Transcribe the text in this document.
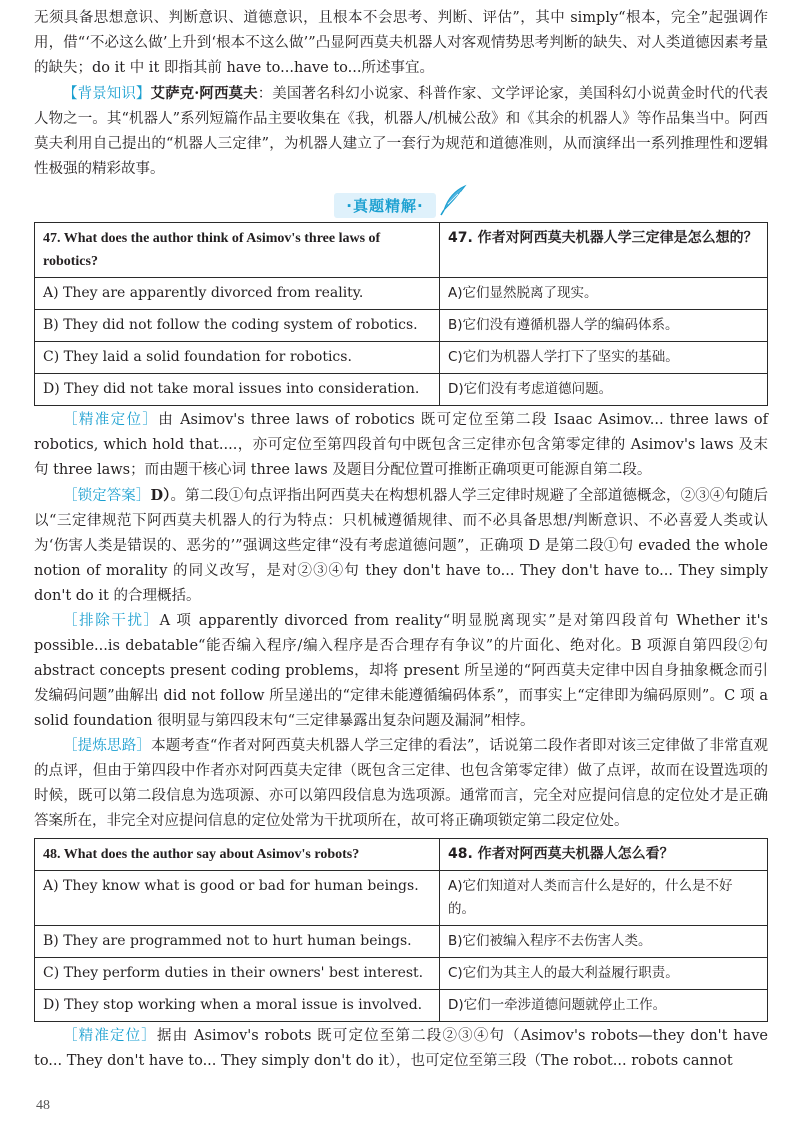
无须具备思想意识、判断意识、道德意识，且根本不会思考、判断、评估”，其中 simply“根本，完全”起强调作用，借“‘不必这么做’上升到‘根本不这么做’”凸显阿西莫夫机器人对客观情势思考判断的缺失、对人类道德因素考量的缺失；do it 中 it 即指其前 have to...have to...所述事宜。

【背景知识】艾萨克·阿西莫夫：美国著名科幻小说家、科普作家、文学评论家，美国科幻小说黄金时代的代表人物之一。其“机器人”系列短篇作品主要收集在《我，机器人/机械公敌》和《其余的机器人》等作品集当中。阿西莫夫利用自己提出的“机器人三定律”，为机器人建立了一套行为规范和道德准则，从而演绎出一系列推理性和逻辑性极强的精彩故事。

·真题精解·
47. What does the author think of Asimov's three laws of robotics?	47. 作者对阿西莫夫机器人学三定律是怎么想的？
A) They are apparently divorced from reality.	A)它们显然脱离了现实。
B) They did not follow the coding system of robotics.	B)它们没有遵循机器人学的编码体系。
C) They laid a solid foundation for robotics.	C)它们为机器人学打下了坚实的基础。
D) They did not take moral issues into consideration.	D)它们没有考虑道德问题。

［精准定位］由 Asimov's three laws of robotics 既可定位至第二段 Isaac Asimov... three laws of robotics, which hold that....，亦可定位至第四段首句中既包含三定律亦包含第零定律的 Asimov's laws 及末句 three laws；而由题干核心词 three laws 及题目分配位置可推断正确项更可能源自第二段。

［锁定答案］D）。第二段①句点评指出阿西莫夫在构想机器人学三定律时规避了全部道德概念，②③④句随后以“三定律规范下阿西莫夫机器人的行为特点：只机械遵循规律、而不必具备思想/判断意识、不必喜爱人类或认为‘伤害人类是错误的、恶劣的’”强调这些定律“没有考虑道德问题”，正确项 D 是第二段①句 evaded the whole notion of morality 的同义改写，是对②③④句 they don't have to... They don't have to... They simply don't do it 的合理概括。

［排除干扰］A 项 apparently divorced from reality“明显脱离现实”是对第四段首句 Whether it's possible...is debatable“能否编入程序/编入程序是否合理存有争议”的片面化、绝对化。B 项源自第四段②句 abstract concepts present coding problems，却将 present 所呈递的“阿西莫夫定律中因自身抽象概念而引发编码问题”曲解出 did not follow 所呈递出的“定律未能遵循编码体系”，而事实上“定律即为编码原则”。C 项 a solid foundation 很明显与第四段末句“三定律暴露出复杂问题及漏洞”相悖。

［提炼思路］本题考查“作者对阿西莫夫机器人学三定律的看法”，话说第二段作者即对该三定律做了非常直观的点评，但由于第四段中作者亦对阿西莫夫定律（既包含三定律、也包含第零定律）做了点评，故而在设置选项的时候，既可以第二段信息为选项源、亦可以第四段信息为选项源。通常而言，完全对应提问信息的定位处才是正确答案所在，非完全对应提问信息的定位处常为干扰项所在，故可将正确项锁定第二段定位处。

48. What does the author say about Asimov's robots?	48. 作者对阿西莫夫机器人怎么看？
A) They know what is good or bad for human beings.	A)它们知道对人类而言什么是好的，什么是不好的。
B) They are programmed not to hurt human beings.	B)它们被编入程序不去伤害人类。
C) They perform duties in their owners' best interest.	C)它们为其主人的最大利益履行职责。
D) They stop working when a moral issue is involved.	D)它们一牵涉道德问题就停止工作。

［精准定位］据由 Asimov's robots 既可定位至第二段②③④句（Asimov's robots—they don't have to... They don't have to... They simply don't do it），也可定位至第三段（The robot... robots cannot

48
